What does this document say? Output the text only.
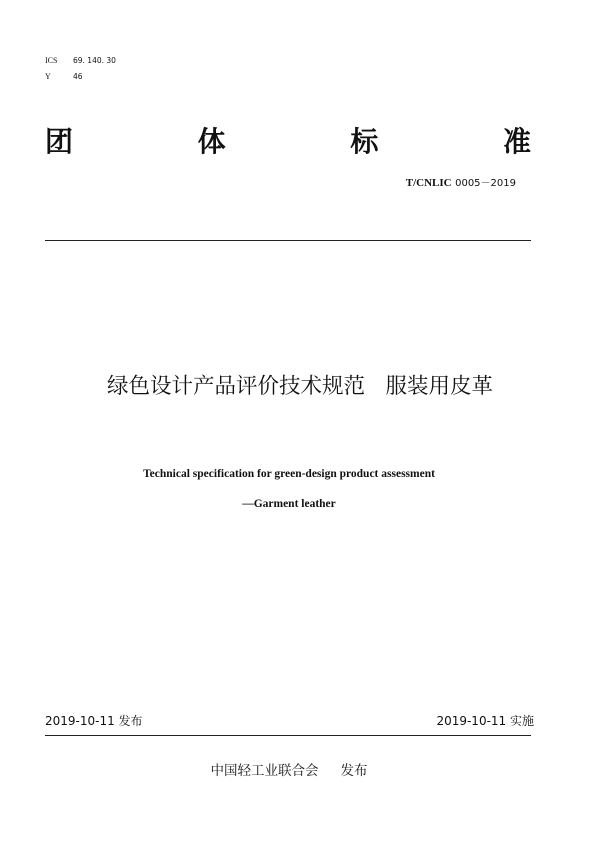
ICS 69. 140. 30
Y	46
团	体	标	准
T/CNLIC 0005－2019
绿色设计产品评价技术规范   服装用皮革
Technical specification for green-design product assessment
—Garment leather
2019-10-11 发布	2019-10-11 实施
中国轻工业联合会 发布
